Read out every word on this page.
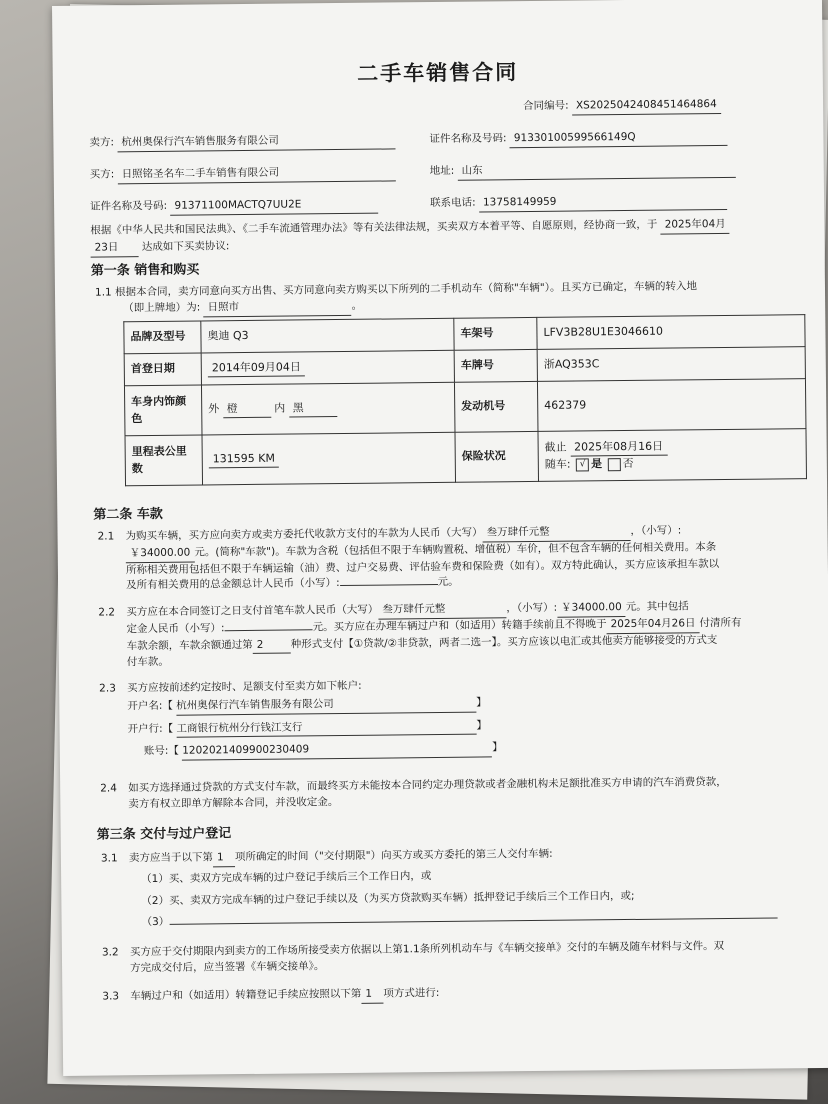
二手车销售合同
合同编号: XS2025042408451464864
卖方: 杭州奥保行汽车销售服务有限公司	证件名称及号码: 91330100599566149Q
买方: 日照铭圣名车二手车销售有限公司	地址: 山东
证件名称及号码: 91371100MACTQ7UU2E	联系电话: 13758149959
根据《中华人民共和国民法典》、《二手车流通管理办法》等有关法律法规，买卖双方本着平等、自愿原则，经协商一致，于 2025年04月
23日 达成如下买卖协议:
第一条 销售和购买
1.1 根据本合同，卖方同意向买方出售、买方同意向卖方购买以下所列的二手机动车（简称"车辆"）。且买方已确定，车辆的转入地
（即上牌地）为: 日照市	。
品牌及型号	奥迪 Q3	车架号	LFV3B28U1E3046610
首登日期	2014年09月04日	车牌号	浙AQ353C
车身内饰颜色	外 橙 内 黑	发动机号	462379
里程表公里数	131595 KM	保险状况	截止 2025年08月16日
随车: √ 是 否
第二条 车款
2.1 为购买车辆，买方应向卖方或卖方委托代收款方支付的车款为人民币（大写） 叁万肆仟元整	，（小写）:
￥34000.00 元。(简称"车款")。车款为含税（包括但不限于车辆购置税、增值税）车价，但不包含车辆的任何相关费用。本条
所称相关费用包括但不限于车辆运输（油）费、过户交易费、评估验车费和保险费（如有）。双方特此确认，买方应该承担车款以
及所有相关费用的总金额总计人民币（小写）:	元。
2.2 买方应在本合同签订之日支付首笔车款人民币（大写） 叁万肆仟元整	，（小写）: ￥34000.00 元。其中包括
定金人民币（小写）:	元。买方应在办理车辆过户和（如适用）转籍手续前且不得晚于 2025年04月26日 付清所有
车款余额，车款余额通过第 2	种形式支付【①贷款/②非贷款，两者二选一】。买方应该以电汇或其他卖方能够接受的方式支
付车款。
2.3 买方应按前述约定按时、足额支付至卖方如下帐户:
开户名:【 杭州奥保行汽车销售服务有限公司	】
开户行:【 工商银行杭州分行钱江支行	】
账号:【 1202021409900230409	】
2.4 如买方选择通过贷款的方式支付车款，而最终买方未能按本合同约定办理贷款或者金融机构未足额批准买方申请的汽车消费贷款，
卖方有权立即单方解除本合同，并没收定金。
第三条 交付与过户登记
3.1 卖方应当于以下第 1 项所确定的时间（"交付期限"）向买方或买方委托的第三人交付车辆:
（1）买、卖双方完成车辆的过户登记手续后三个工作日内，或
（2）买、卖双方完成车辆的过户登记手续以及（为买方贷款购买车辆）抵押登记手续后三个工作日内，或;
（3）
3.2 买方应于交付期限内到卖方的工作场所接受卖方依据以上第1.1条所列机动车与《车辆交接单》交付的车辆及随车材料与文件。双
方完成交付后，应当签署《车辆交接单》。
3.3 车辆过户和（如适用）转籍登记手续应按照以下第 1 项方式进行:
